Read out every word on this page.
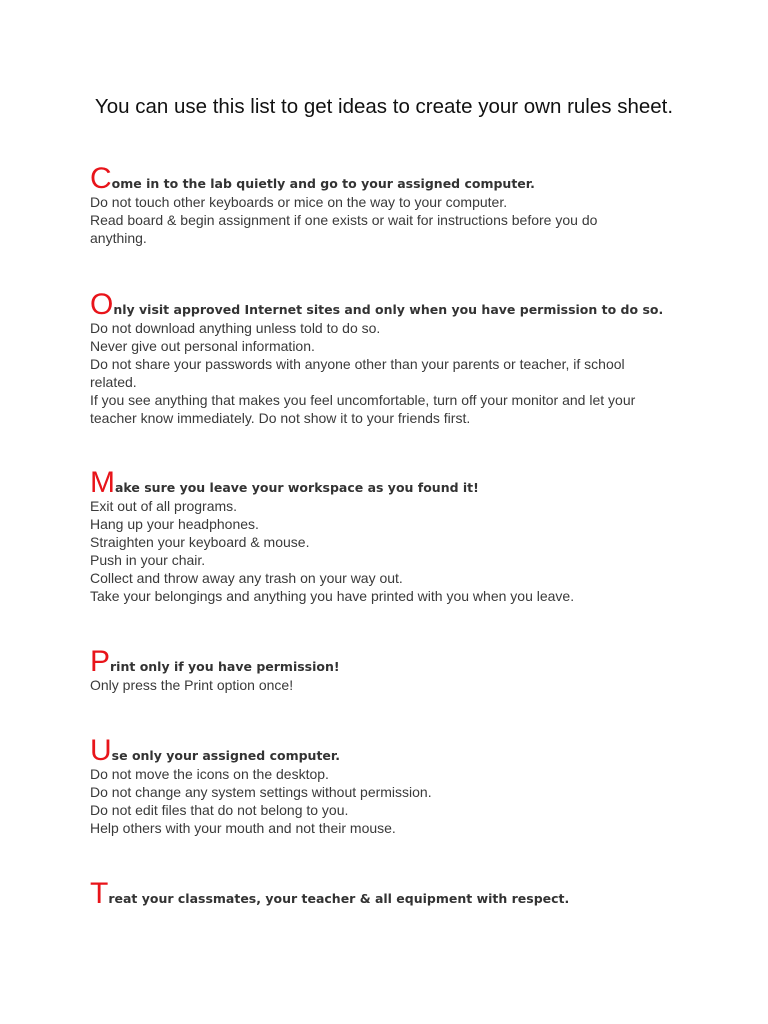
You can use this list to get ideas to create your own rules sheet.

Come in to the lab quietly and go to your assigned computer.

Do not touch other keyboards or mice on the way to your computer.
Read board & begin assignment if one exists or wait for instructions before you do
anything.

Only visit approved Internet sites and only when you have permission to do so.

Do not download anything unless told to do so.
Never give out personal information.
Do not share your passwords with anyone other than your parents or teacher, if school
related.
If you see anything that makes you feel uncomfortable, turn off your monitor and let your
teacher know immediately. Do not show it to your friends first.

Make sure you leave your workspace as you found it!

Exit out of all programs.
Hang up your headphones.
Straighten your keyboard & mouse.
Push in your chair.
Collect and throw away any trash on your way out.
Take your belongings and anything you have printed with you when you leave.

Print only if you have permission!

Only press the Print option once!

Use only your assigned computer.

Do not move the icons on the desktop.
Do not change any system settings without permission.
Do not edit files that do not belong to you.
Help others with your mouth and not their mouse.

Treat your classmates, your teacher & all equipment with respect.
